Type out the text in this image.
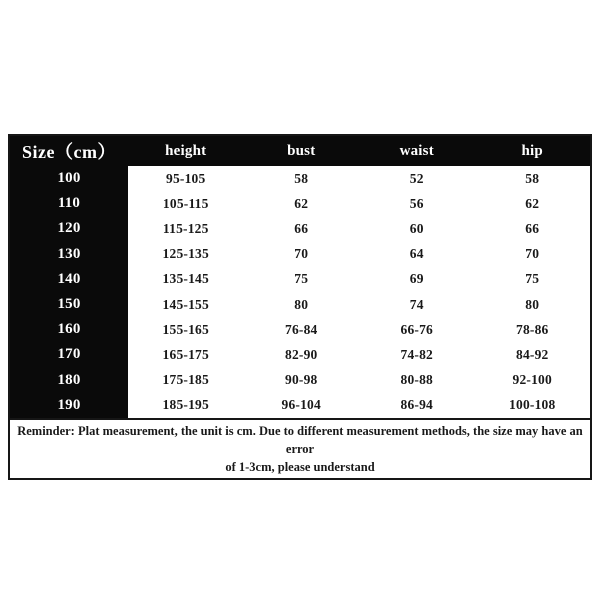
Size（cm）	height	bust	waist	hip
100	95-105	58	52	58
110	105-115	62	56	62
120	115-125	66	60	66
130	125-135	70	64	70
140	135-145	75	69	75
150	145-155	80	74	80
160	155-165	76-84	66-76	78-86
170	165-175	82-90	74-82	84-92
180	175-185	90-98	80-88	92-100
190	185-195	96-104	86-94	100-108
Reminder: Plat measurement, the unit is cm. Due to different measurement methods, the size may have an error
of 1-3cm, please understand
